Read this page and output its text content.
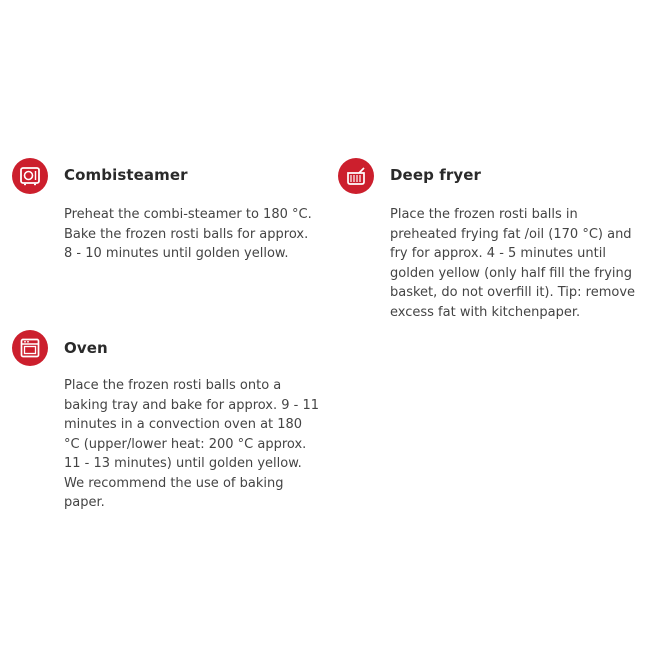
Combisteamer

Preheat the combi-steamer to 180 °C.
Bake the frozen rosti balls for approx.
8 - 10 minutes until golden yellow.

Deep fryer

Place the frozen rosti balls in
preheated frying fat /oil (170 °C) and
fry for approx. 4 - 5 minutes until
golden yellow (only half fill the frying
basket, do not overfill it). Tip: remove
excess fat with kitchenpaper.

Oven

Place the frozen rosti balls onto a
baking tray and bake for approx. 9 - 11
minutes in a convection oven at 180
°C (upper/lower heat: 200 °C approx.
11 - 13 minutes) until golden yellow.
We recommend the use of baking
paper.
